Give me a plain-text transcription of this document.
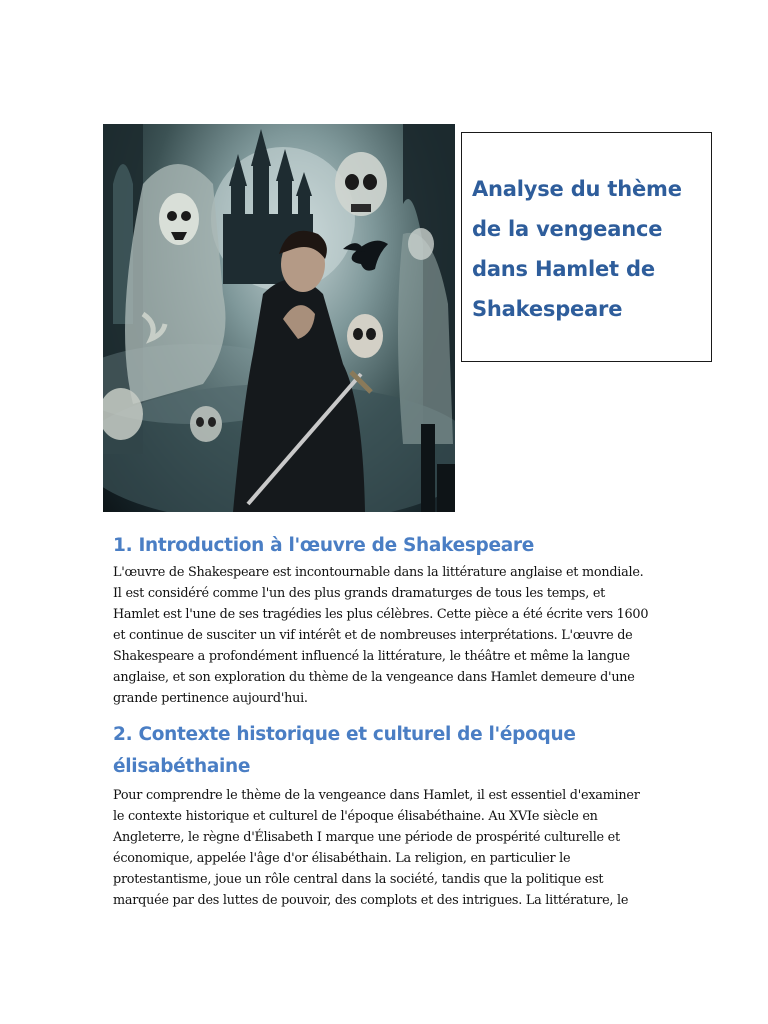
Analyse du thème
de la vengeance
dans Hamlet de
Shakespeare
1. Introduction à l'œuvre de Shakespeare

L'œuvre de Shakespeare est incontournable dans la littérature anglaise et mondiale.
Il est considéré comme l'un des plus grands dramaturges de tous les temps, et
Hamlet est l'une de ses tragédies les plus célèbres. Cette pièce a été écrite vers 1600
et continue de susciter un vif intérêt et de nombreuses interprétations. L'œuvre de
Shakespeare a profondément influencé la littérature, le théâtre et même la langue
anglaise, et son exploration du thème de la vengeance dans Hamlet demeure d'une
grande pertinence aujourd'hui.

2. Contexte historique et culturel de l'époque
élisabéthaine

Pour comprendre le thème de la vengeance dans Hamlet, il est essentiel d'examiner
le contexte historique et culturel de l'époque élisabéthaine. Au XVIe siècle en
Angleterre, le règne d'Élisabeth I marque une période de prospérité culturelle et
économique, appelée l'âge d'or élisabéthain. La religion, en particulier le
protestantisme, joue un rôle central dans la société, tandis que la politique est
marquée par des luttes de pouvoir, des complots et des intrigues. La littérature, le
